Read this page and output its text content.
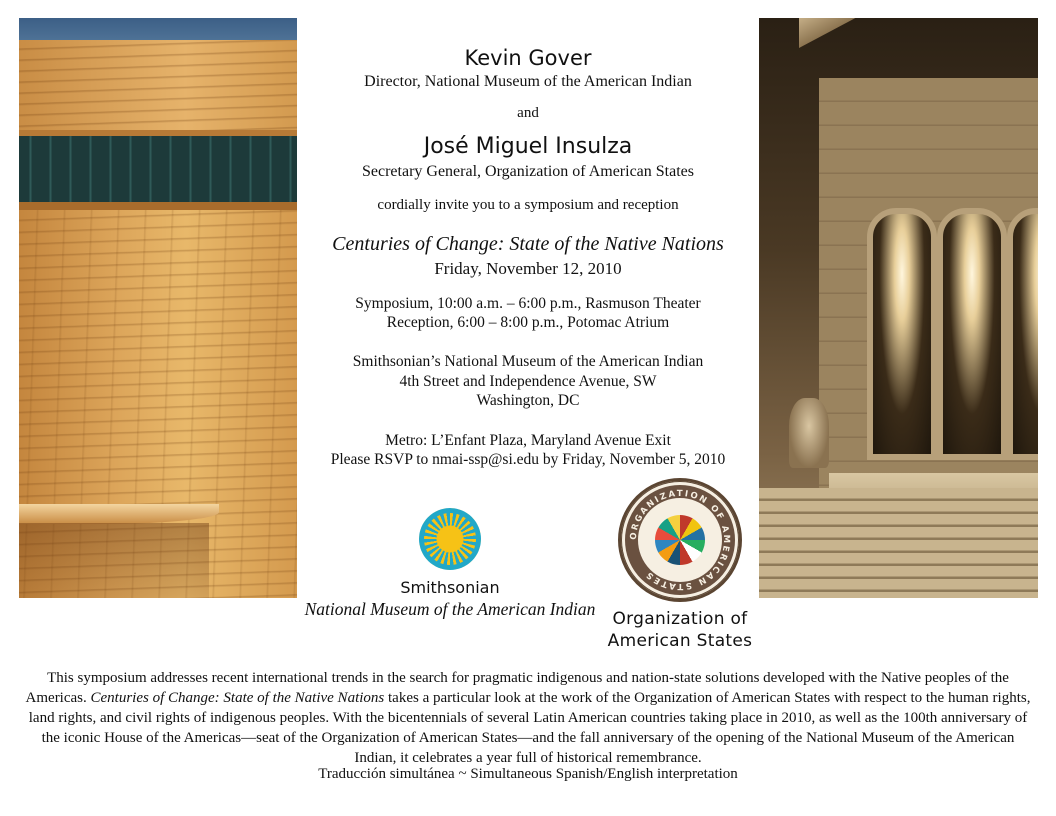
Kevin Gover

Director, National Museum of the American Indian

and

José Miguel Insulza

Secretary General, Organization of American States

cordially invite you to a symposium and reception

Centuries of Change: State of the Native Nations

Friday, November 12, 2010

Symposium, 10:00 a.m. – 6:00 p.m., Rasmuson Theater
Reception, 6:00 – 8:00 p.m., Potomac Atrium

Smithsonian’s National Museum of the American Indian
4th Street and Independence Avenue, SW
Washington, DC

Metro: L’Enfant Plaza, Maryland Avenue Exit
Please RSVP to nmai-ssp@si.edu by Friday, November 5, 2010

Smithsonian

National Museum of the American Indian

ORGANIZATION OF AMERICAN STATES

Organization of
American States

This symposium addresses recent international trends in the search for pragmatic indigenous and nation-state solutions developed with the Native peoples of the Americas. Centuries of Change: State of the Native Nations takes a particular look at the work of the Organization of American States with respect to the human rights, land rights, and civil rights of indigenous peoples. With the bicentennials of several Latin American countries taking place in 2010, as well as the 100th anniversary of the iconic House of the Americas—seat of the Organization of American States—and the fall anniversary of the opening of the National Museum of the American Indian, it celebrates a year full of historical remembrance.

Traducción simultánea ~ Simultaneous Spanish/English interpretation
